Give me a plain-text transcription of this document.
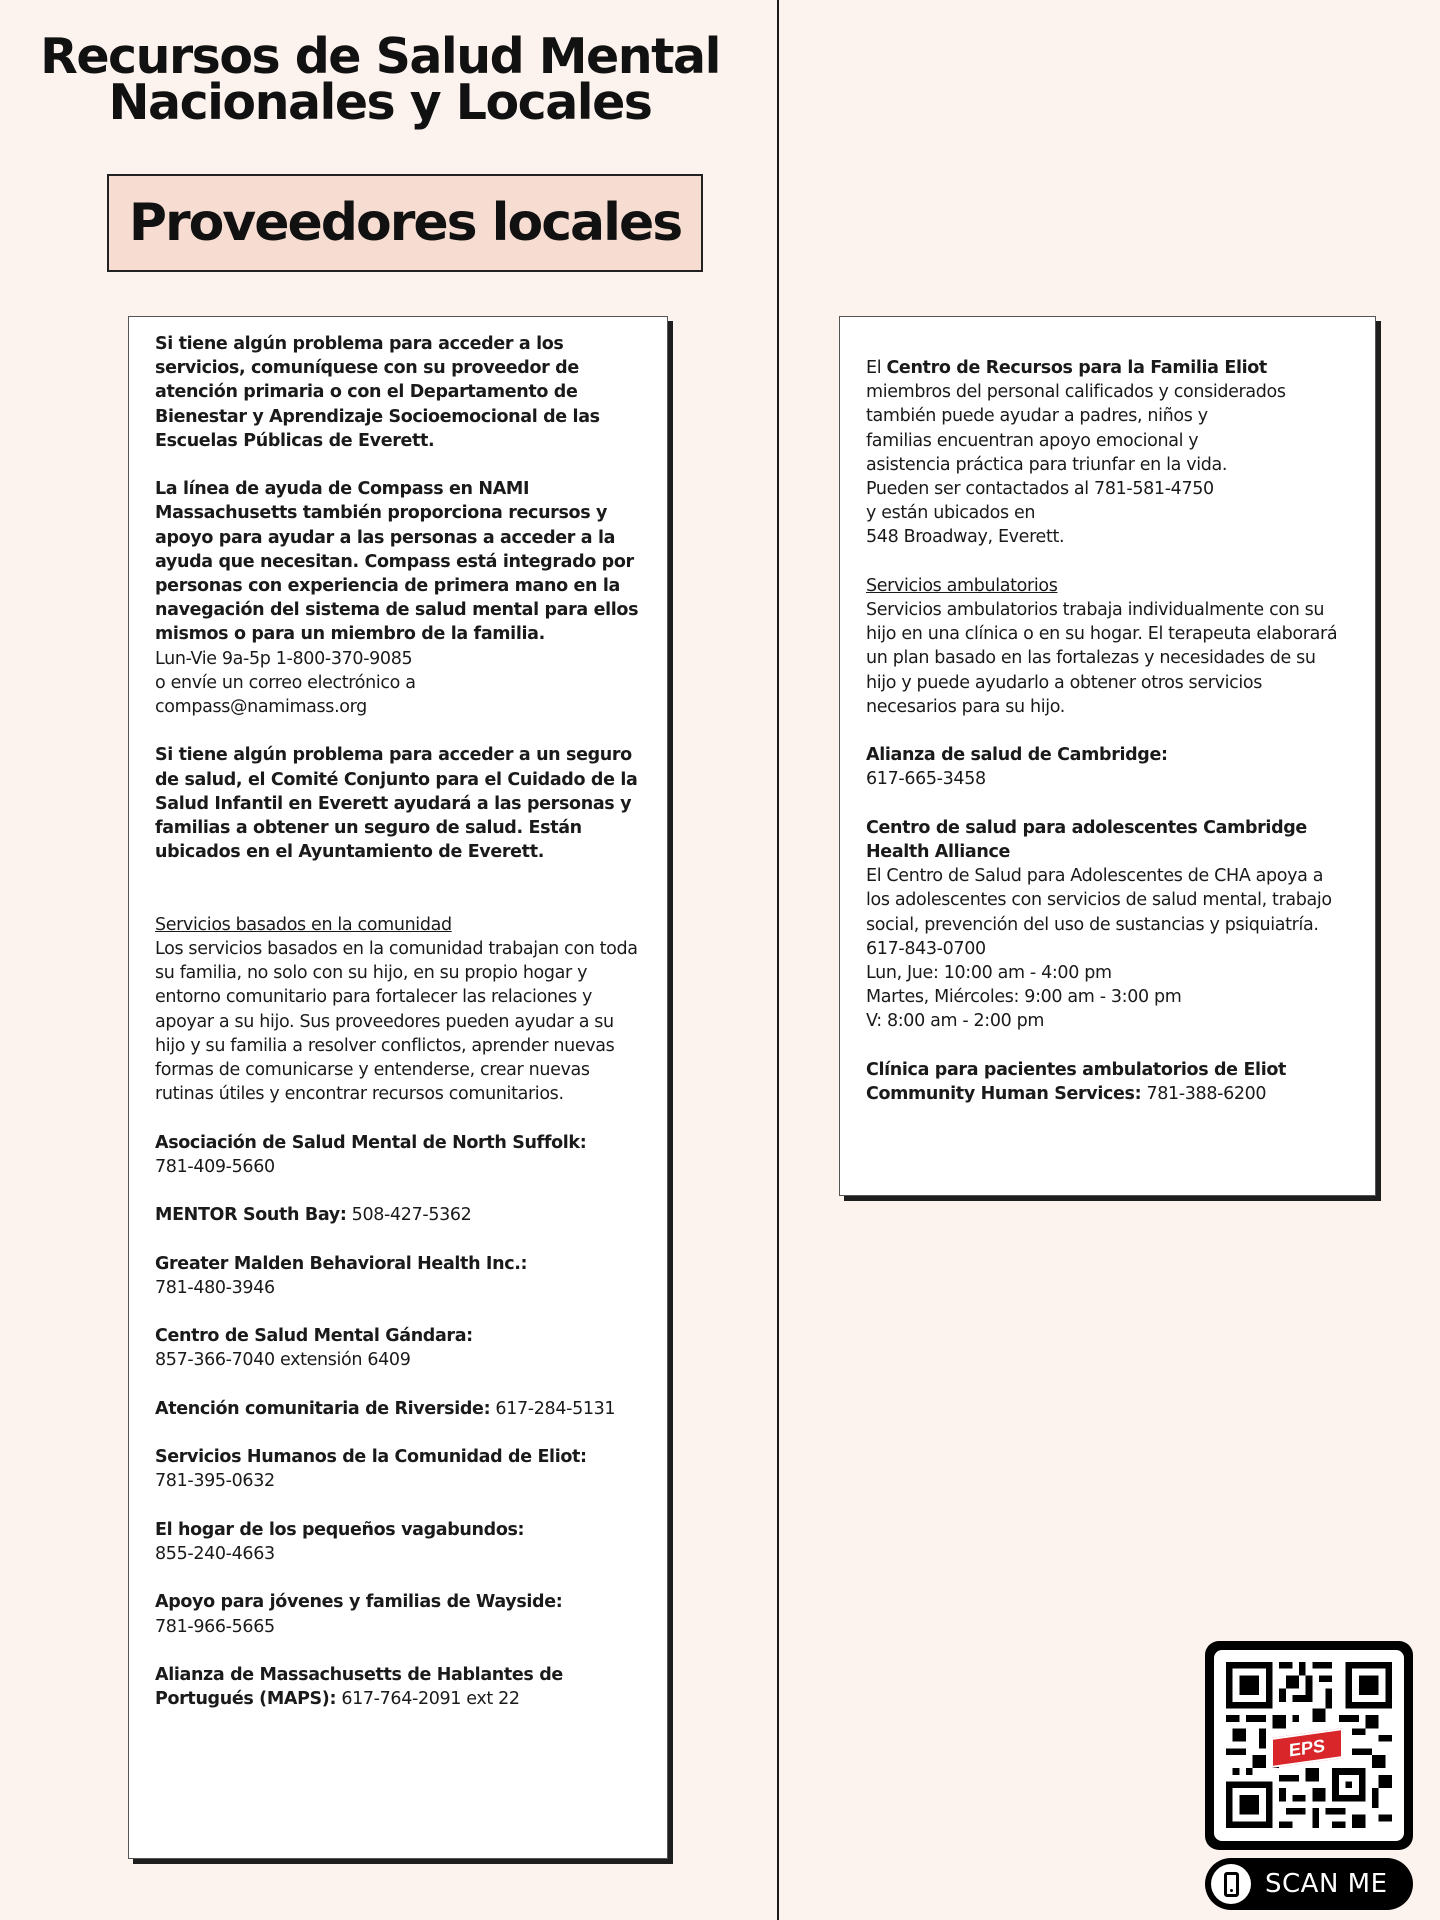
Recursos de Salud Mental
Nacionales y Locales
Proveedores locales

Si tiene algún problema para acceder a los servicios, comuníquese con su proveedor de atención primaria o con el Departamento de Bienestar y Aprendizaje Socioemocional de las Escuelas Públicas de Everett.

La línea de ayuda de Compass en NAMI Massachusetts también proporciona recursos y apoyo para ayudar a las personas a acceder a la ayuda que necesitan. Compass está integrado por personas con experiencia de primera mano en la navegación del sistema de salud mental para ellos mismos o para un miembro de la familia.
Lun-Vie 9a-5p 1-800-370-9085
o envíe un correo electrónico a
compass@namimass.org

Si tiene algún problema para acceder a un seguro de salud, el Comité Conjunto para el Cuidado de la Salud Infantil en Everett ayudará a las personas y familias a obtener un seguro de salud. Están ubicados en el Ayuntamiento de Everett.

Servicios basados en la comunidad
Los servicios basados en la comunidad trabajan con toda su familia, no solo con su hijo, en su propio hogar y entorno comunitario para fortalecer las relaciones y apoyar a su hijo. Sus proveedores pueden ayudar a su hijo y su familia a resolver conflictos, aprender nuevas formas de comunicarse y entenderse, crear nuevas rutinas útiles y encontrar recursos comunitarios.

Asociación de Salud Mental de North Suffolk:
781-409-5660

MENTOR South Bay: 508-427-5362

Greater Malden Behavioral Health Inc.:
781-480-3946

Centro de Salud Mental Gándara:
857-366-7040 extensión 6409

Atención comunitaria de Riverside: 617-284-5131

Servicios Humanos de la Comunidad de Eliot:
781-395-0632

El hogar de los pequeños vagabundos:
855-240-4663

Apoyo para jóvenes y familias de Wayside:
781-966-5665

Alianza de Massachusetts de Hablantes de Portugués (MAPS): 617-764-2091 ext 22

El Centro de Recursos para la Familia Eliot
miembros del personal calificados y considerados
también puede ayudar a padres, niños y
familias encuentran apoyo emocional y
asistencia práctica para triunfar en la vida.
Pueden ser contactados al 781-581-4750
y están ubicados en
548 Broadway, Everett.

Servicios ambulatorios
Servicios ambulatorios trabaja individualmente con su hijo en una clínica o en su hogar. El terapeuta elaborará un plan basado en las fortalezas y necesidades de su hijo y puede ayudarlo a obtener otros servicios necesarios para su hijo.

Alianza de salud de Cambridge:
617-665-3458

Centro de salud para adolescentes Cambridge Health Alliance
El Centro de Salud para Adolescentes de CHA apoya a los adolescentes con servicios de salud mental, trabajo social, prevención del uso de sustancias y psiquiatría.
617-843-0700
Lun, Jue: 10:00 am - 4:00 pm
Martes, Miércoles: 9:00 am - 3:00 pm
V: 8:00 am - 2:00 pm

Clínica para pacientes ambulatorios de Eliot Community Human Services: 781-388-6200

EPS
SCAN ME
